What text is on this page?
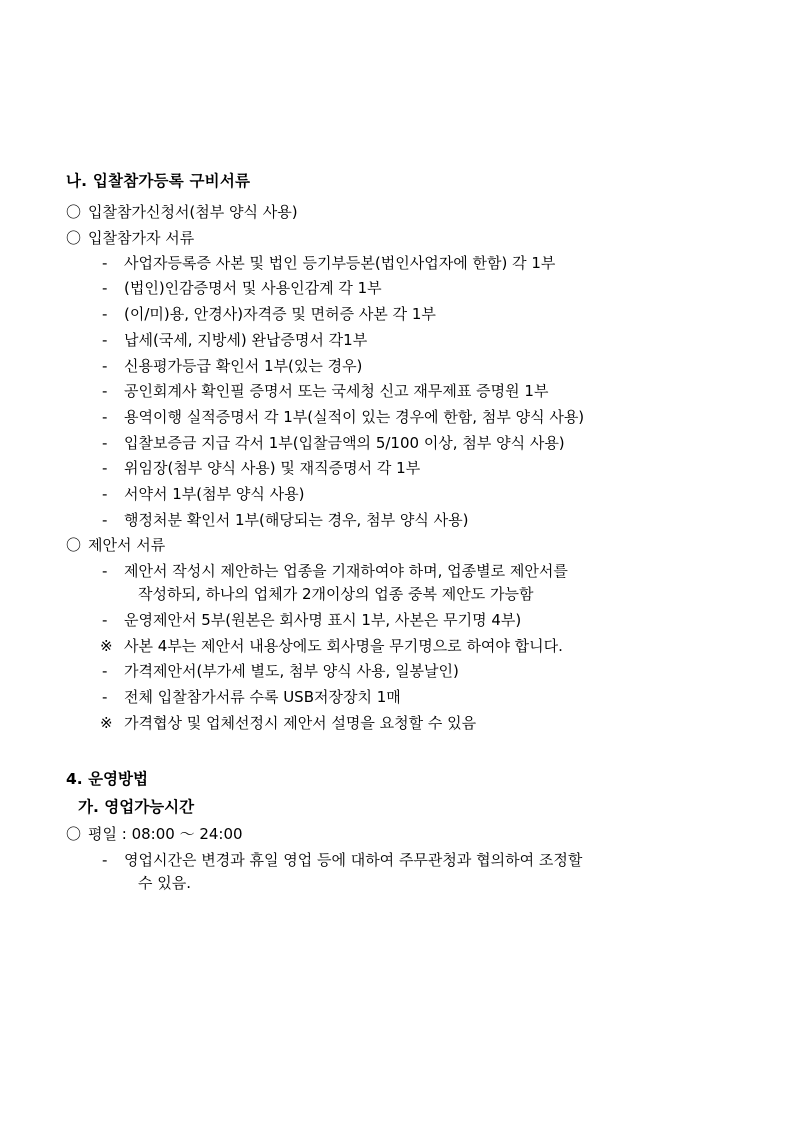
나. 입찰참가등록 구비서류
〇 입찰참가신청서(첨부 양식 사용)
〇 입찰참가자 서류
- 사업자등록증 사본 및 법인 등기부등본(법인사업자에 한함) 각 1부
- (법인)인감증명서 및 사용인감계 각 1부
- (이/미)용, 안경사)자격증 및 면허증 사본 각 1부
- 납세(국세, 지방세) 완납증명서 각1부
- 신용평가등급 확인서 1부(있는 경우)
- 공인회계사 확인필 증명서 또는 국세청 신고 재무제표 증명원 1부
- 용역이행 실적증명서 각 1부(실적이 있는 경우에 한함, 첨부 양식 사용)
- 입찰보증금 지급 각서 1부(입찰금액의 5/100 이상, 첨부 양식 사용)
- 위임장(첨부 양식 사용) 및 재직증명서 각 1부
- 서약서 1부(첨부 양식 사용)
- 행정처분 확인서 1부(해당되는 경우, 첨부 양식 사용)
〇 제안서 서류
- 제안서 작성시 제안하는 업종을 기재하여야 하며, 업종별로 제안서를
작성하되, 하나의 업체가 2개이상의 업종 중복 제안도 가능함
- 운영제안서 5부(원본은 회사명 표시 1부, 사본은 무기명 4부)
※ 사본 4부는 제안서 내용상에도 회사명을 무기명으로 하여야 합니다.
- 가격제안서(부가세 별도, 첨부 양식 사용, 일봉날인)
- 전체 입찰참가서류 수록 USB저장장치 1매
※ 가격협상 및 업체선정시 제안서 설명을 요청할 수 있음
4. 운영방법
가. 영업가능시간
〇 평일 : 08:00 ～ 24:00
- 영업시간은 변경과 휴일 영업 등에 대하여 주무관청과 협의하여 조정할
수 있음.
